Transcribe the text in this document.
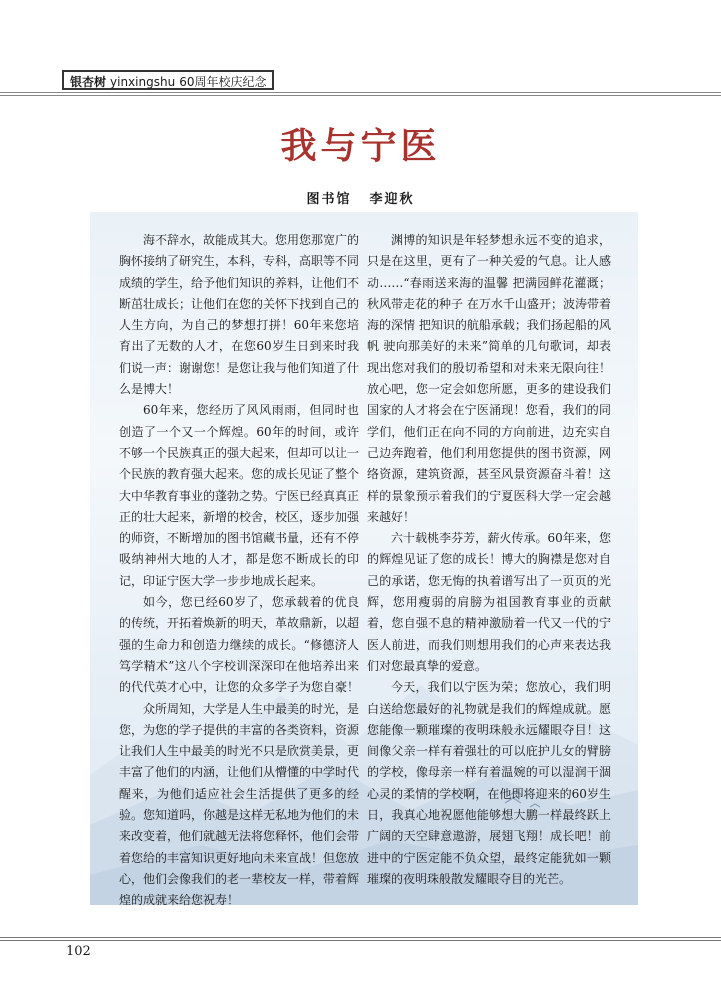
银杏树 yinxingshu 60周年校庆纪念
我与宁医
图书馆 李迎秋

海不辞水，故能成其大。您用您那宽广的胸怀接纳了研究生，本科，专科，高职等不同成绩的学生，给予他们知识的养料，让他们不断茁壮成长；让他们在您的关怀下找到自己的人生方向，为自己的梦想打拼！60年来您培育出了无数的人才，在您60岁生日到来时我们说一声：谢谢您！是您让我与他们知道了什么是博大！

60年来，您经历了风风雨雨，但同时也创造了一个又一个辉煌。60年的时间，或许不够一个民族真正的强大起来，但却可以让一个民族的教育强大起来。您的成长见证了整个大中华教育事业的蓬勃之势。宁医已经真真正正的壮大起来，新增的校舍，校区，逐步加强的师资，不断增加的图书馆藏书量，还有不停吸纳神州大地的人才，都是您不断成长的印记，印证宁医大学一步步地成长起来。

如今，您已经60岁了，您承载着的优良的传统，开拓着焕新的明天，革故鼎新，以超强的生命力和创造力继续的成长。“修德济人 笃学精术”这八个字校训深深印在他培养出来的代代英才心中，让您的众多学子为您自豪！

众所周知，大学是人生中最美的时光，是您，为您的学子提供的丰富的各类资料，资源让我们人生中最美的时光不只是欣赏美景，更丰富了他们的内涵，让他们从懵懂的中学时代醒来，为他们适应社会生活提供了更多的经验。您知道吗，你越是这样无私地为他们的未来改变着，他们就越无法将您释怀，他们会带着您给的丰富知识更好地向未来宣战！但您放心，他们会像我们的老一辈校友一样，带着辉煌的成就来给您祝寿！

渊博的知识是年轻梦想永远不变的追求，只是在这里，更有了一种关爱的气息。让人感动……“春雨送来海的温馨 把满园鲜花灌溉；秋风带走花的种子 在万水千山盛开；波涛带着海的深情 把知识的航船承载；我们扬起船的风帆 驶向那美好的未来”简单的几句歌词，却表现出您对我们的殷切希望和对未来无限向往！放心吧，您一定会如您所愿，更多的建设我们国家的人才将会在宁医涌现！您看，我们的同学们，他们正在向不同的方向前进，边充实自己边奔跑着，他们利用您提供的图书资源，网络资源，建筑资源，甚至风景资源奋斗着！这样的景象预示着我们的宁夏医科大学一定会越来越好！

六十载桃李芬芳，薪火传承。60年来，您的辉煌见证了您的成长！博大的胸襟是您对自己的承诺，您无悔的执着谱写出了一页页的光辉，您用瘦弱的肩膀为祖国教育事业的贡献着，您自强不息的精神激励着一代又一代的宁医人前进，而我们则想用我们的心声来表达我们对您最真挚的爱意。

今天，我们以宁医为荣；您放心，我们明白送给您最好的礼物就是我们的辉煌成就。愿您能像一颗璀璨的夜明珠般永远耀眼夺目！这间像父亲一样有着强壮的可以庇护儿女的臂膀的学校，像母亲一样有着温婉的可以湿润干涸心灵的柔情的学校啊，在他即将迎来的60岁生日，我真心地祝愿他能够想大鹏一样最终跃上广阔的天空肆意遨游，展翅飞翔！成长吧！前进中的宁医定能不负众望，最终定能犹如一颗璀璨的夜明珠般散发耀眼夺目的光芒。

102
